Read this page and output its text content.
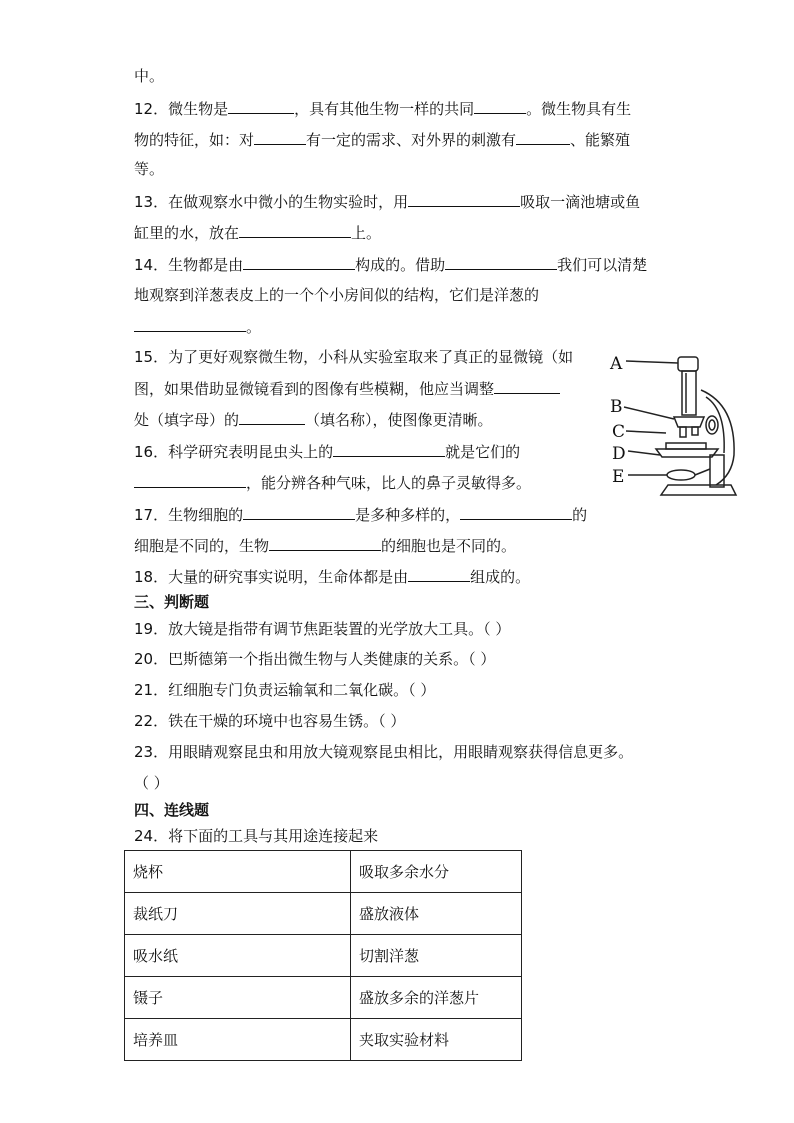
中。
12．微生物是	，具有其他生物一样的共同	。微生物具有生
物的特征，如：对	有一定的需求、对外界的刺激有	、能繁殖
等。
13．在做观察水中微小的生物实验时，用	吸取一滴池塘或鱼
缸里的水，放在	上。
14．生物都是由	构成的。借助	我们可以清楚
地观察到洋葱表皮上的一个个小房间似的结构，它们是洋葱的
。
15．为了更好观察微生物，小科从实验室取来了真正的显微镜（如
图，如果借助显微镜看到的图像有些模糊，他应当调整
处（填字母）的	（填名称），使图像更清晰。
A
B
C
D
E
16．科学研究表明昆虫头上的	就是它们的
，能分辨各种气味，比人的鼻子灵敏得多。
17．生物细胞的	是多种多样的，	的
细胞是不同的，生物	的细胞也是不同的。
18．大量的研究事实说明，生命体都是由	组成的。
三、判断题
19．放大镜是指带有调节焦距装置的光学放大工具。（ ）
20．巴斯德第一个指出微生物与人类健康的关系。（ ）
21．红细胞专门负责运输氧和二氧化碳。（ ）
22．铁在干燥的环境中也容易生锈。（ ）
23．用眼睛观察昆虫和用放大镜观察昆虫相比，用眼睛观察获得信息更多。
（ ）
四、连线题
24．将下面的工具与其用途连接起来
烧杯	吸取多余水分
裁纸刀	盛放液体
吸水纸	切割洋葱
镊子	盛放多余的洋葱片
培养皿	夹取实验材料
